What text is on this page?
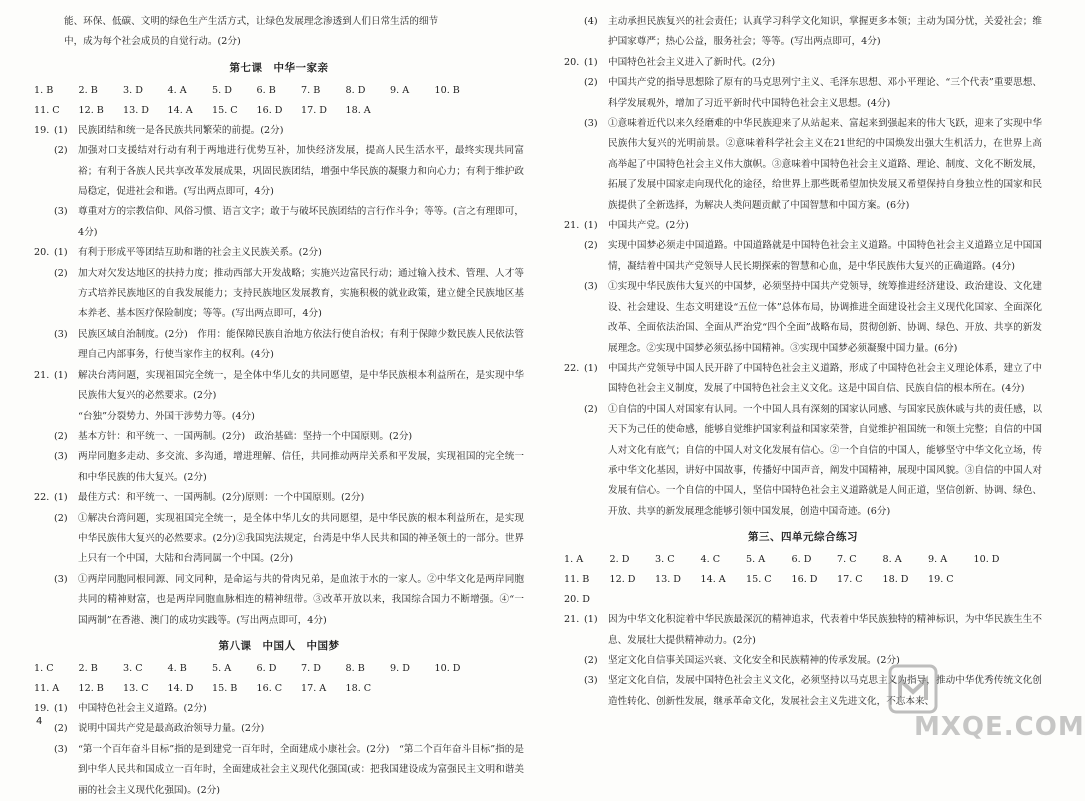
能、环保、低碳、文明的绿色生产生活方式，让绿色发展理念渗透到人们日常生活的细节
中，成为每个社会成员的自觉行动。(2分)
第七课　中华一家亲
1. B	2. B	3. D	4. A	5. D	6. B	7. B	8. D	9. A	10. B
11. C	12. B	13. D	14. A	15. C	16. D	17. D	18. A
19. (1)	民族团结和统一是各民族共同繁荣的前提。(2分)
(2)	加强对口支援结对行动有利于两地进行优势互补，加快经济发展，提高人民生活水平，最终实现共同富裕；有利于各族人民共享改革发展成果，巩固民族团结，增强中华民族的凝聚力和向心力；有利于维护政局稳定，促进社会和谐。(写出两点即可，4分)
(3)	尊重对方的宗教信仰、风俗习惯、语言文字；敢于与破坏民族团结的言行作斗争；等等。(言之有理即可，4分)
20. (1)	有利于形成平等团结互助和谐的社会主义民族关系。(2分)
(2)	加大对欠发达地区的扶持力度；推动西部大开发战略；实施兴边富民行动；通过输入技术、管理、人才等方式培养民族地区的自我发展能力；支持民族地区发展教育，实施积极的就业政策，建立健全民族地区基本养老、基本医疗保险制度；等等。(写出两点即可，4分)
(3)	民族区域自治制度。(2分)　作用：能保障民族自治地方依法行使自治权；有利于保障少数民族人民依法管理自己内部事务，行使当家作主的权利。(4分)
21. (1)	解决台湾问题，实现祖国完全统一，是全体中华儿女的共同愿望，是中华民族根本利益所在，是实现中华民族伟大复兴的必然要求。(2分)
“台独”分裂势力、外国干涉势力等。(4分)
(2)	基本方针：和平统一、一国两制。(2分)　政治基础：坚持一个中国原则。(2分)
(3)	两岸同胞多走动、多交流、多沟通，增进理解、信任，共同推动两岸关系和平发展，实现祖国的完全统一和中华民族的伟大复兴。(2分)
22. (1)	最佳方式：和平统一、一国两制。(2分)原则：一个中国原则。(2分)
(2)	①解决台湾问题，实现祖国完全统一，是全体中华儿女的共同愿望，是中华民族的根本利益所在，是实现中华民族伟大复兴的必然要求。(2分)②我国宪法规定，台湾是中华人民共和国的神圣领土的一部分。世界上只有一个中国，大陆和台湾同属一个中国。(2分)
(3)	①两岸同胞同根同源、同文同种，是命运与共的骨肉兄弟，是血浓于水的一家人。②中华文化是两岸同胞共同的精神财富，也是两岸同胞血脉相连的精神纽带。③改革开放以来，我国综合国力不断增强。④“一国两制”在香港、澳门的成功实践等。(写出两点即可，4分)
第八课　中国人　中国梦
1. C	2. B	3. C	4. B	5. A	6. D	7. D	8. B	9. D	10. D
11. A	12. B	13. C	14. D	15. B	16. C	17. A	18. C
19. (1)	中国特色社会主义道路。(2分)
(2)	说明中国共产党是最高政治领导力量。(2分)
(3)	“第一个百年奋斗目标”指的是到建党一百年时，全面建成小康社会。(2分)　“第二个百年奋斗目标”指的是到中华人民共和国成立一百年时，全面建成社会主义现代化强国(或：把我国建设成为富强民主文明和谐美丽的社会主义现代化强国)。(2分)
(4)	主动承担民族复兴的社会责任；认真学习科学文化知识，掌握更多本领；主动为国分忧，关爱社会；维护国家尊严；热心公益，服务社会；等等。(写出两点即可，4分)
20. (1)	中国特色社会主义进入了新时代。(2分)
(2)	中国共产党的指导思想除了原有的马克思列宁主义、毛泽东思想、邓小平理论、“三个代表”重要思想、科学发展观外，增加了习近平新时代中国特色社会主义思想。(4分)
(3)	①意味着近代以来久经磨难的中华民族迎来了从站起来、富起来到强起来的伟大飞跃，迎来了实现中华民族伟大复兴的光明前景。②意味着科学社会主义在21世纪的中国焕发出强大生机活力，在世界上高高举起了中国特色社会主义伟大旗帜。③意味着中国特色社会主义道路、理论、制度、文化不断发展，拓展了发展中国家走向现代化的途径，给世界上那些既希望加快发展又希望保持自身独立性的国家和民族提供了全新选择，为解决人类问题贡献了中国智慧和中国方案。(6分)
21. (1)	中国共产党。(2分)
(2)	实现中国梦必须走中国道路。中国道路就是中国特色社会主义道路。中国特色社会主义道路立足中国国情，凝结着中国共产党领导人民长期探索的智慧和心血，是中华民族伟大复兴的正确道路。(4分)
(3)	①实现中华民族伟大复兴的中国梦，必须坚持中国共产党领导，统筹推进经济建设、政治建设、文化建设、社会建设、生态文明建设“五位一体”总体布局，协调推进全面建设社会主义现代化国家、全面深化改革、全面依法治国、全面从严治党“四个全面”战略布局，贯彻创新、协调、绿色、开放、共享的新发展理念。②实现中国梦必须弘扬中国精神。③实现中国梦必须凝聚中国力量。(6分)
22. (1)	中国共产党领导中国人民开辟了中国特色社会主义道路，形成了中国特色社会主义理论体系，建立了中国特色社会主义制度，发展了中国特色社会主义文化。这是中国自信、民族自信的根本所在。(4分)
(2)	①自信的中国人对国家有认同。一个中国人具有深刻的国家认同感、与国家民族休戚与共的责任感，以天下为己任的使命感，能够自觉维护国家利益和国家荣誉，自觉维护祖国统一和领土完整；自信的中国人对文化有底气；自信的中国人对文化发展有信心。②一个自信的中国人，能够坚守中华文化立场，传承中华文化基因，讲好中国故事，传播好中国声音，阐发中国精神，展现中国风貌。③自信的中国人对发展有信心。一个自信的中国人，坚信中国特色社会主义道路就是人间正道，坚信创新、协调、绿色、开放、共享的新发展理念能够引领中国发展，创造中国奇迹。(6分)
第三、四单元综合练习
1. A	2. D	3. C	4. C	5. A	6. D	7. C	8. A	9. A	10. D
11. B	12. D	13. D	14. A	15. C	16. D	17. C	18. D	19. C
20. D
21. (1)	因为中华文化积淀着中华民族最深沉的精神追求，代表着中华民族独特的精神标识，为中华民族生生不息、发展壮大提供精神动力。(2分)
(2)	坚定文化自信事关国运兴衰、文化安全和民族精神的传承发展。(2分)
(3)	坚定文化自信，发展中国特色社会主义文化，必须坚持以马克思主义为指导，推动中华优秀传统文化创造性转化、创新性发展，继承革命文化，发展社会主义先进文化，不忘本来、
4	MXQE.COM
